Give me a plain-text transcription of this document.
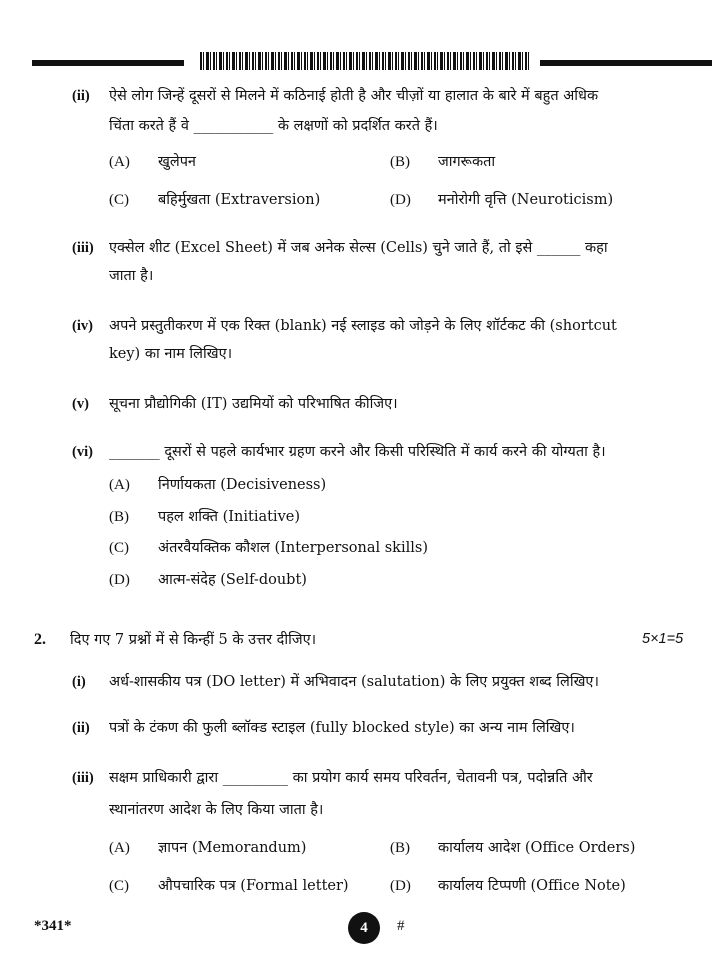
(ii) ऐसे लोग जिन्हें दूसरों से मिलने में कठिनाई होती है और चीज़ों या हालात के बारे में बहुत अधिक
चिंता करते हैं वे ___________ के लक्षणों को प्रदर्शित करते हैं।
(A) खुलेपन	(B) जागरूकता
(C) बहिर्मुखता (Extraversion)	(D) मनोरोगी वृत्ति (Neuroticism)
(iii) एक्सेल शीट (Excel Sheet) में जब अनेक सेल्स (Cells) चुने जाते हैं, तो इसे ______ कहा
जाता है।
(iv) अपने प्रस्तुतीकरण में एक रिक्त (blank) नई स्लाइड को जोड़ने के लिए शॉर्टकट की (shortcut
key) का नाम लिखिए।
(v) सूचना प्रौद्योगिकी (IT) उद्यमियों को परिभाषित कीजिए।
(vi) _______ दूसरों से पहले कार्यभार ग्रहण करने और किसी परिस्थिति में कार्य करने की योग्यता है।
(A) निर्णायकता (Decisiveness)
(B) पहल शक्ति (Initiative)
(C) अंतरवैयक्तिक कौशल (Interpersonal skills)
(D) आत्म-संदेह (Self-doubt)
2. दिए गए 7 प्रश्नों में से किन्हीं 5 के उत्तर दीजिए।	5×1=5
(i) अर्ध-शासकीय पत्र (DO letter) में अभिवादन (salutation) के लिए प्रयुक्त शब्द लिखिए।
(ii) पत्रों के टंकण की फुली ब्लॉक्ड स्टाइल (fully blocked style) का अन्य नाम लिखिए।
(iii) सक्षम प्राधिकारी द्वारा _________ का प्रयोग कार्य समय परिवर्तन, चेतावनी पत्र, पदोन्नति और
स्थानांतरण आदेश के लिए किया जाता है।
(A) ज्ञापन (Memorandum)	(B) कार्यालय आदेश (Office Orders)
(C) औपचारिक पत्र (Formal letter)	(D) कार्यालय टिप्पणी (Office Note)
*341*	4	#
